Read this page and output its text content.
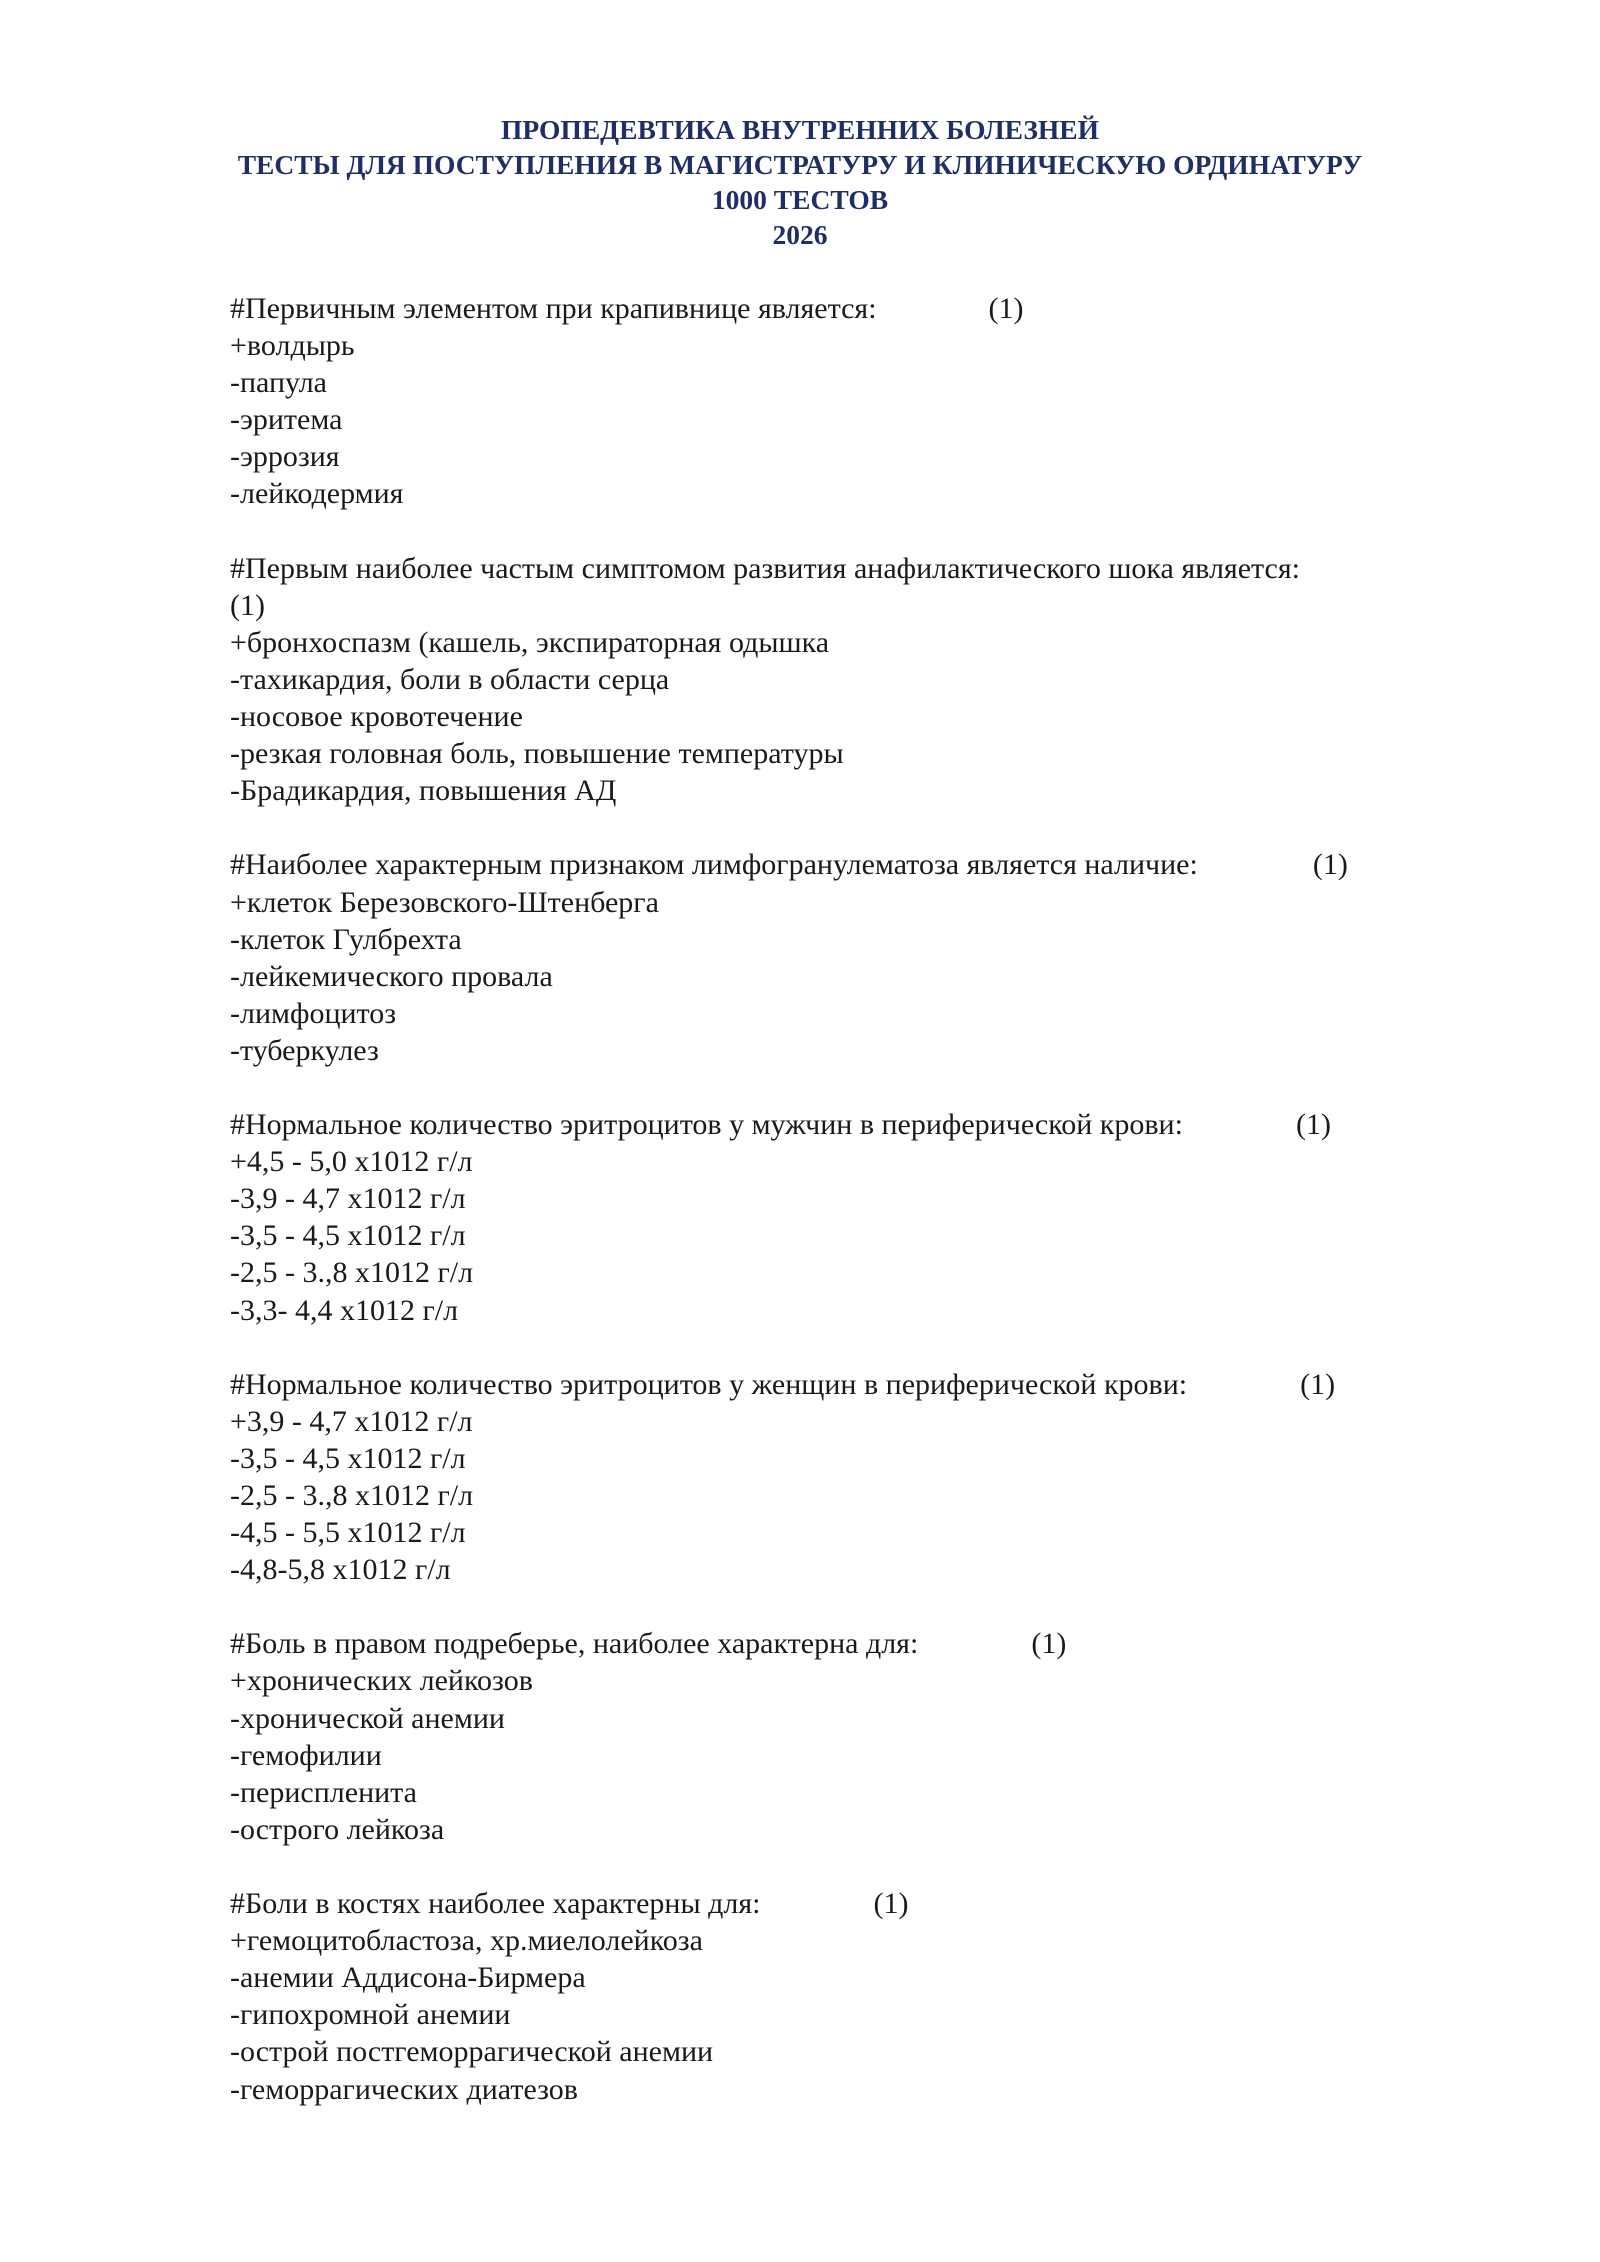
ПРОПЕДЕВТИКА ВНУТРЕННИХ БОЛЕЗНЕЙ
ТЕСТЫ ДЛЯ ПОСТУПЛЕНИЯ В МАГИСТРАТУРУ И КЛИНИЧЕСКУЮ ОРДИНАТУРУ
1000 ТЕСТОВ
2026
#Первичным элементом при крапивнице является:	(1)
+волдырь
-папула
-эритема
-эррозия
-лейкодермия
#Первым наиболее частым симптомом развития анафилактического шока является:
(1)
+бронхоспазм (кашель, экспираторная одышка
-тахикардия, боли в области серца
-носовое кровотечение
-резкая головная боль, повышение температуры
-Брадикардия, повышения АД
#Наиболее характерным признаком лимфогранулематоза является наличие:	(1)
+клеток Березовского-Штенберга
-клеток Гулбрехта
-лейкемического провала
-лимфоцитоз
-туберкулез
#Нормальное количество эритроцитов у мужчин в периферической крови:	(1)
+4,5 - 5,0 х1012 г/л
-3,9 - 4,7 х1012 г/л
-3,5 - 4,5 х1012 г/л
-2,5 - 3.,8 х1012 г/л
-3,3- 4,4 х1012 г/л
#Нормальное количество эритроцитов у женщин в периферической крови:	(1)
+3,9 - 4,7 х1012 г/л
-3,5 - 4,5 х1012 г/л
-2,5 - 3.,8 х1012 г/л
-4,5 - 5,5 х1012 г/л
-4,8-5,8 х1012 г/л
#Боль в правом подреберье, наиболее характерна для:	(1)
+хронических лейкозов
-хронической анемии
-гемофилии
-периспленита
-острого лейкоза
#Боли в костях наиболее характерны для:	(1)
+гемоцитобластоза, хр.миелолейкоза
-анемии Аддисона-Бирмера
-гипохромной анемии
-острой постгеморрагической анемии
-геморрагических диатезов
